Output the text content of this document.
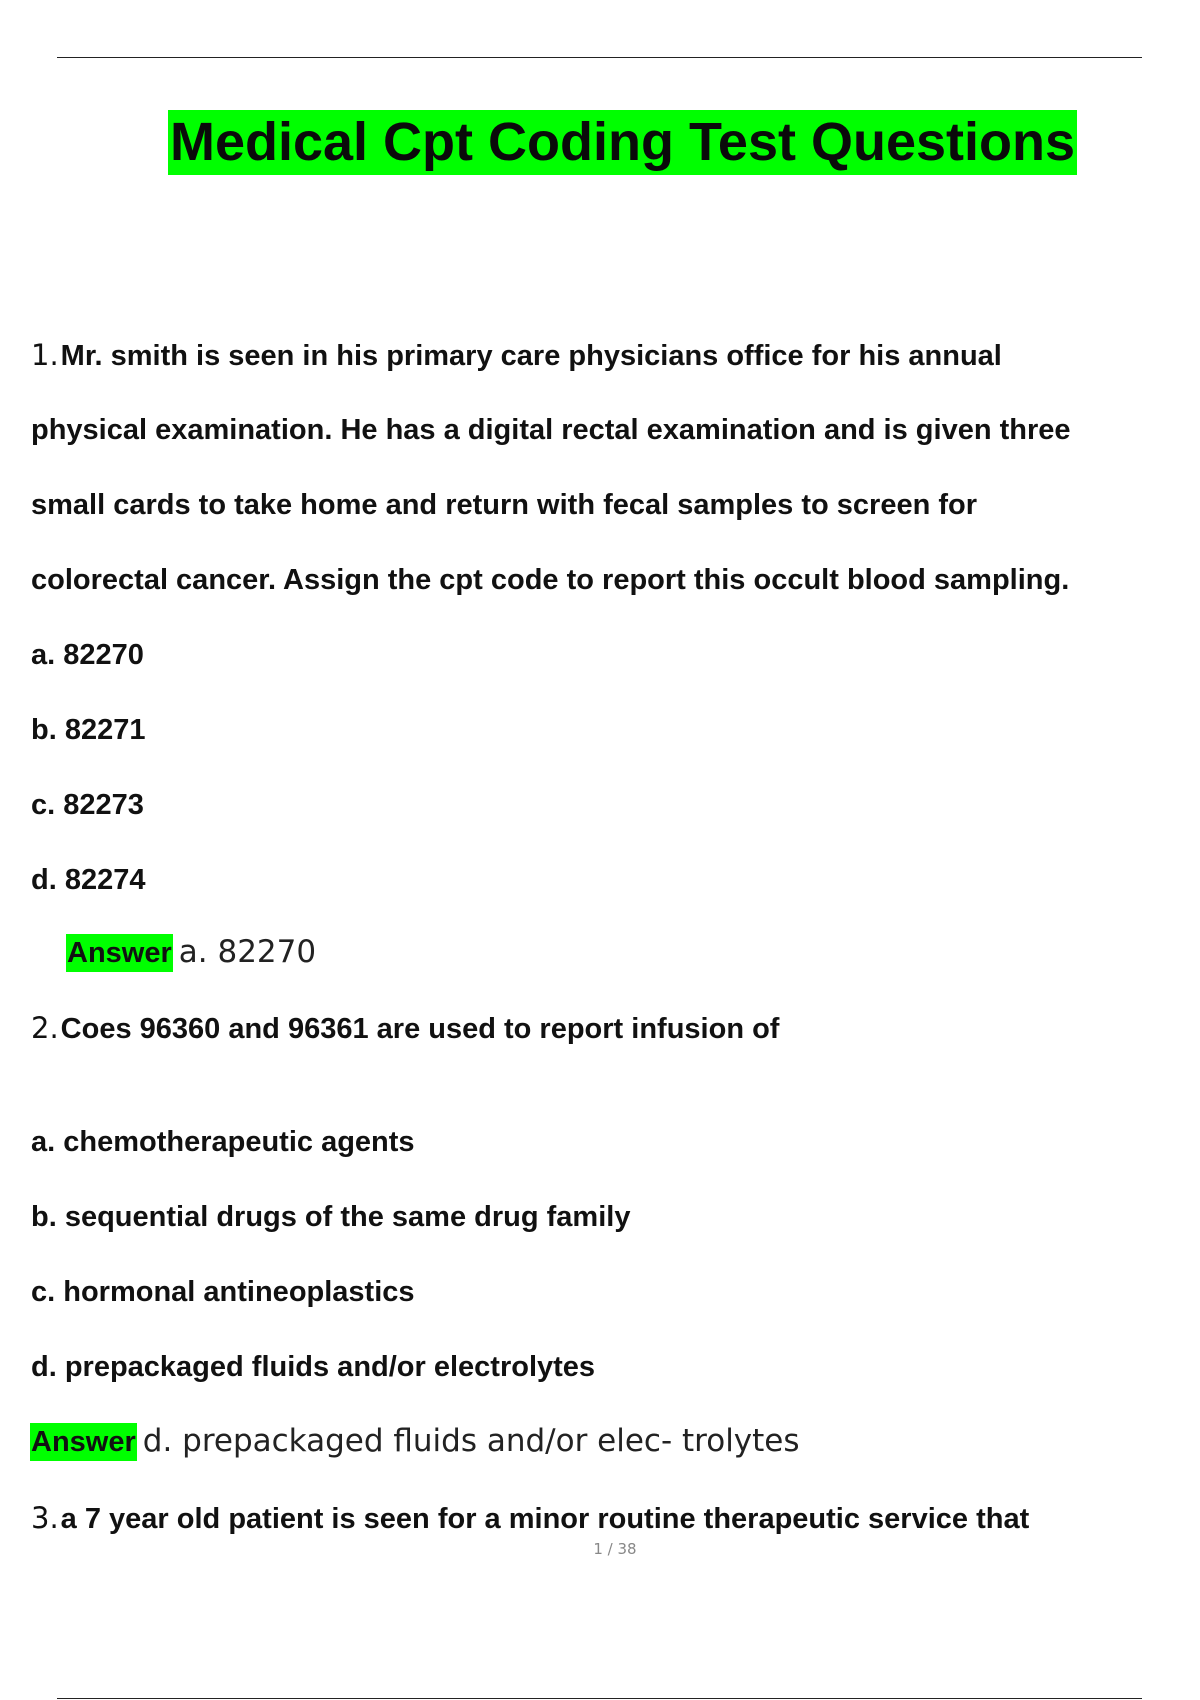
Medical Cpt Coding Test Questions
1.Mr. smith is seen in his primary care physicians office for his annual
physical examination. He has a digital rectal examination and is given three
small cards to take home and return with fecal samples to screen for
colorectal cancer. Assign the cpt code to report this occult blood sampling.
a. 82270
b. 82271
c. 82273
d. 82274
Answer a. 82270
2.Coes 96360 and 96361 are used to report infusion of
a. chemotherapeutic agents
b. sequential drugs of the same drug family
c. hormonal antineoplastics
d. prepackaged fluids and/or electrolytes
Answer d. prepackaged fluids and/or elec- trolytes
3.a 7 year old patient is seen for a minor routine therapeutic service that
1 / 38
